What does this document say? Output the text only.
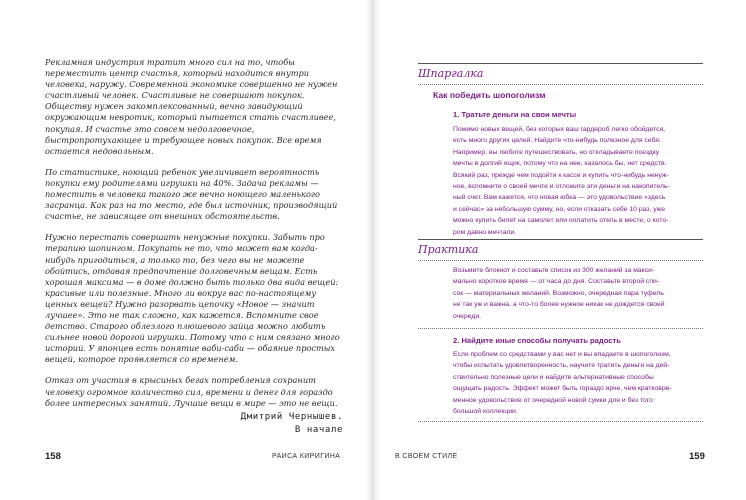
Рекламная индустрия тратит много сил на то, чтобы переместить центр счастья, который находится внутри человека, наружу. Современной экономике совершенно не нужен счастливый человек. Счастливые не совершают покупок. Обществу нужен закомплексованный, вечно завидующий окружающим невротик, который пытается стать счастливее, покупая. И счастье это совсем недолговечное, быстропротухающее и требующее новых покупок. Все время остается недовольным.

По статистике, ноющий ребенок увеличивает вероятность покупки ему родителями игрушки на 40%. Задача рекламы — поместить в человека такого же вечно ноющего маленького засранца. Как раз на то место, где был источник, производящий счастье, не зависящее от внешних обстоятельств.

Нужно перестать совершать ненужные покупки. Забыть про терапию шопингом. Покупать не то, что может вам когда-нибудь пригодиться, а только то, без чего вы не можете обойтись, отдавая предпочтение долговечным вещам. Есть хорошая максима — в доме должно быть только два вида вещей: красивые или полезные. Много ли вокруг вас по-настоящему ценных вещей? Нужно разорвать цепочку «Новое — значит лучшее». Это не так сложно, как кажется. Вспомните свое детство. Старого облезлого плюшевого зайца можно любить сильнее новой дорогой игрушки. Потому что с ним связано много историй. У японцев есть понятие ваби-саби — обаяние простых вещей, которое проявляется со временем.

Отказ от участия в крысиных бегах потребления сохранит человеку огромное количество сил, времени и денег для гораздо более интересных занятий. Лучшие вещи в мире — это не вещи.

Дмитрий Чернышев.
В начале
158	РАИСА КИРИГИНА
Шпаргалка
Как победить шопоголизм
1. Тратьте деньги на свои мечты
Помимо новых вещей, без которых ваш гардероб легко обойдется,
есть много других целей. Найдите что-нибудь полезное для себя.
Например, вы любите путешествовать, но откладываете поездку
мечты в долгий ящик, потому что на нее, казалось бы, нет средств.
Всякий раз, прежде чем подойти к кассе и купить что-нибудь ненуж-
ное, вспомните о своей мечте и отложите эти деньги на накопитель-
ный счет. Вам кажется, что новая юбка — это удовольствие «здесь
и сейчас» за небольшую сумму, но, если отказать себе 10 раз, уже
можно купить билет на самолет или оплатить отель в месте, о кото-
ром давно мечтали.
Практика
Возьмите блокнот и составьте список из 300 желаний за макси-
мально короткое время — от часа до дня. Составьте второй спи-
сок — материальных желаний. Возможно, очередная пара туфель
не так уж и важна, а что-то более нужное никак не дождется своей
очереди.
2. Найдите иные способы получать радость
Если проблем со средствами у вас нет и вы впадаете в шопоголизм,
чтобы испытать удовлетворенность, научите тратить деньги на дей-
ствительно полезные цели и найдите альтернативные способы
ощущать радость. Эффект может быть гораздо ярче, чем кратковре-
менное удовольствие от очередной новой сумки для и без того
большой коллекции.
В СВОЕМ СТИЛЕ	159
